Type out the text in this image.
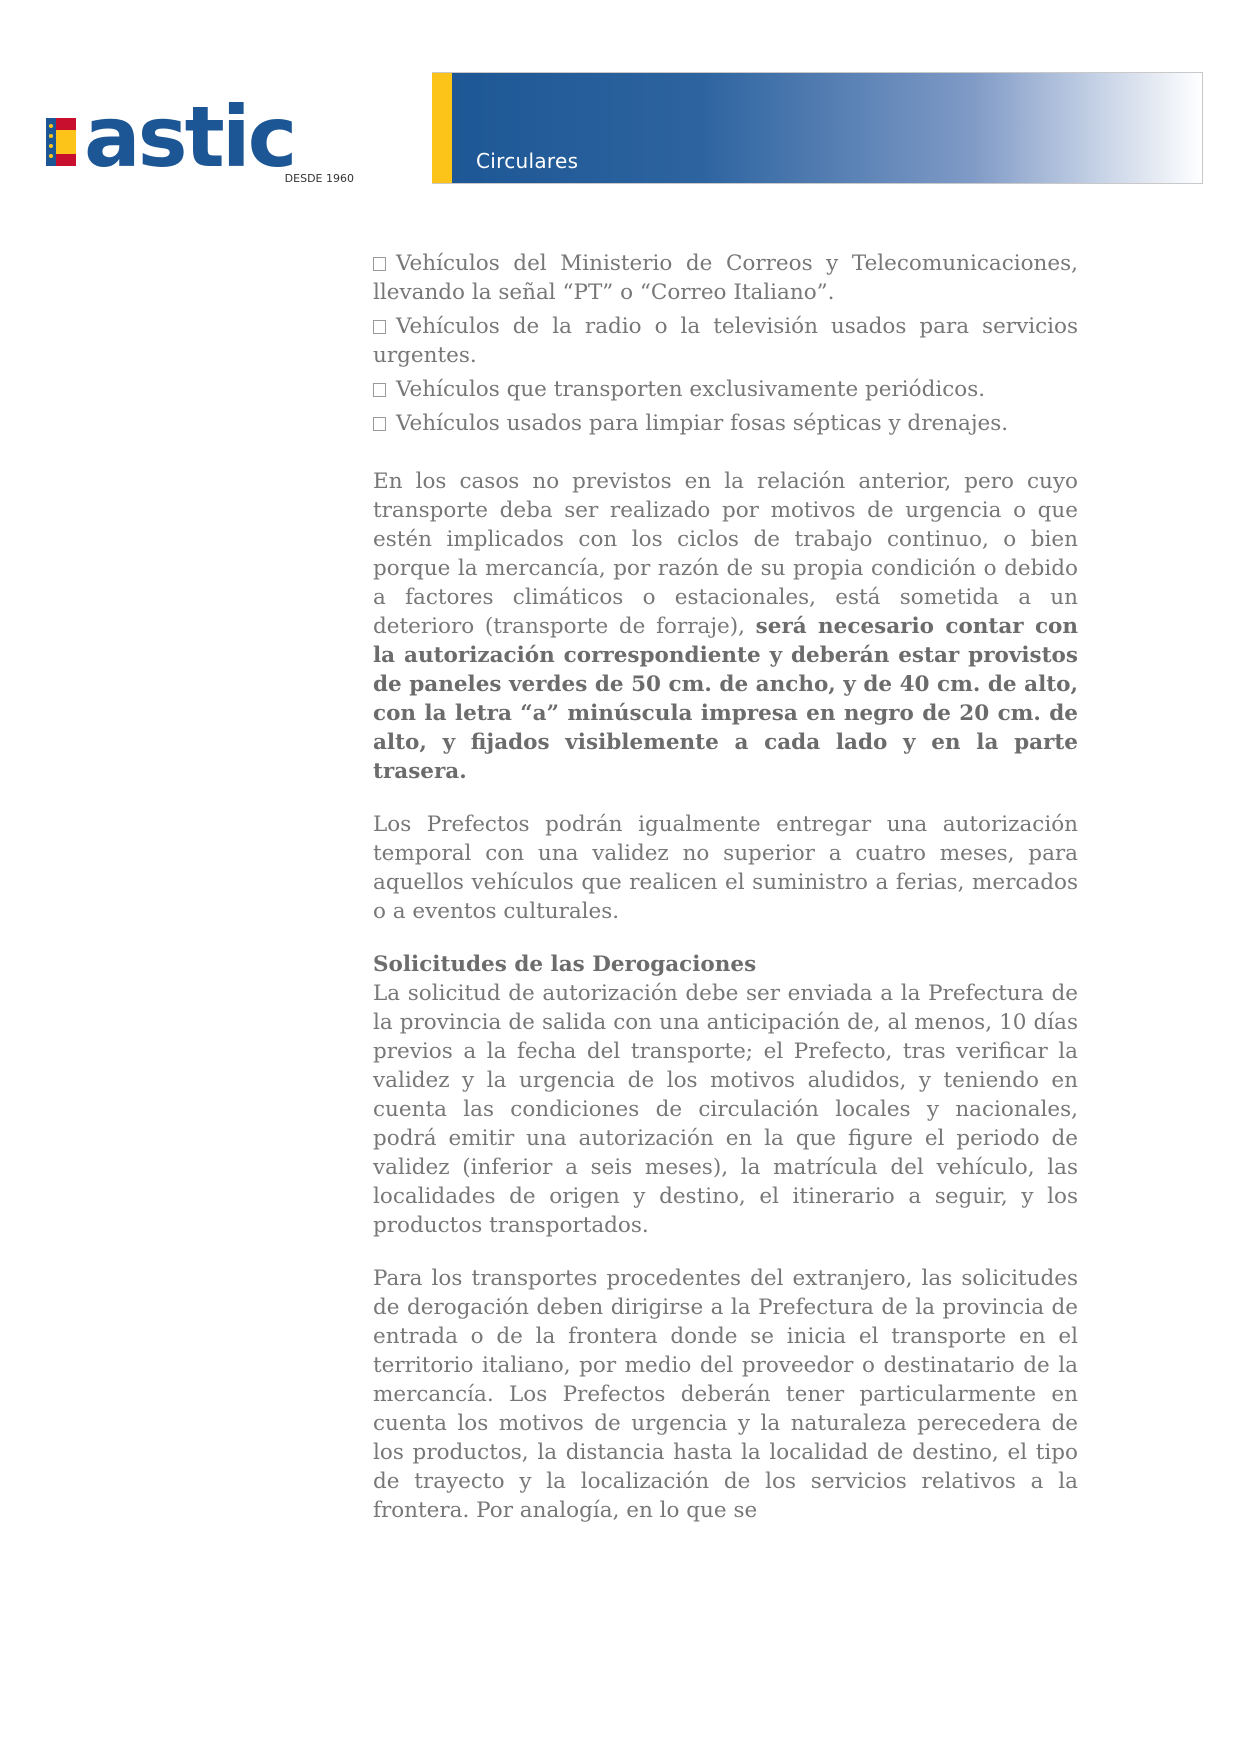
astic
DESDE 1960
Circulares

Vehículos del Ministerio de Correos y Telecomunicaciones, llevando la señal “PT” o “Correo Italiano”.

Vehículos de la radio o la televisión usados para servicios urgentes.

Vehículos que transporten exclusivamente periódicos.

Vehículos usados para limpiar fosas sépticas y drenajes.

En los casos no previstos en la relación anterior, pero cuyo transporte deba ser realizado por motivos de urgencia o que estén implicados con los ciclos de trabajo continuo, o bien porque la mercancía, por razón de su propia condición o debido a factores climáticos o estacionales, está sometida a un deterioro (transporte de forraje), será necesario contar con la autorización correspondiente y deberán estar provistos de paneles verdes de 50 cm. de ancho, y de 40 cm. de alto, con la letra “a” minúscula impresa en negro de 20 cm. de alto, y fijados visiblemente a cada lado y en la parte trasera.

Los Prefectos podrán igualmente entregar una autorización temporal con una validez no superior a cuatro meses, para aquellos vehículos que realicen el suministro a ferias, mercados o a eventos culturales.

Solicitudes de las Derogaciones

La solicitud de autorización debe ser enviada a la Prefectura de la provincia de salida con una anticipación de, al menos, 10 días previos a la fecha del transporte; el Prefecto, tras verificar la validez y la urgencia de los motivos aludidos, y teniendo en cuenta las condiciones de circulación locales y nacionales, podrá emitir una autorización en la que figure el periodo de validez (inferior a seis meses), la matrícula del vehículo, las localidades de origen y destino, el itinerario a seguir, y los productos transportados.

Para los transportes procedentes del extranjero, las solicitudes de derogación deben dirigirse a la Prefectura de la provincia de entrada o de la frontera donde se inicia el transporte en el territorio italiano, por medio del proveedor o destinatario de la mercancía. Los Prefectos deberán tener particularmente en cuenta los motivos de urgencia y la naturaleza perecedera de los productos, la distancia hasta la localidad de destino, el tipo de trayecto y la localización de los servicios relativos a la frontera. Por analogía, en lo que se
